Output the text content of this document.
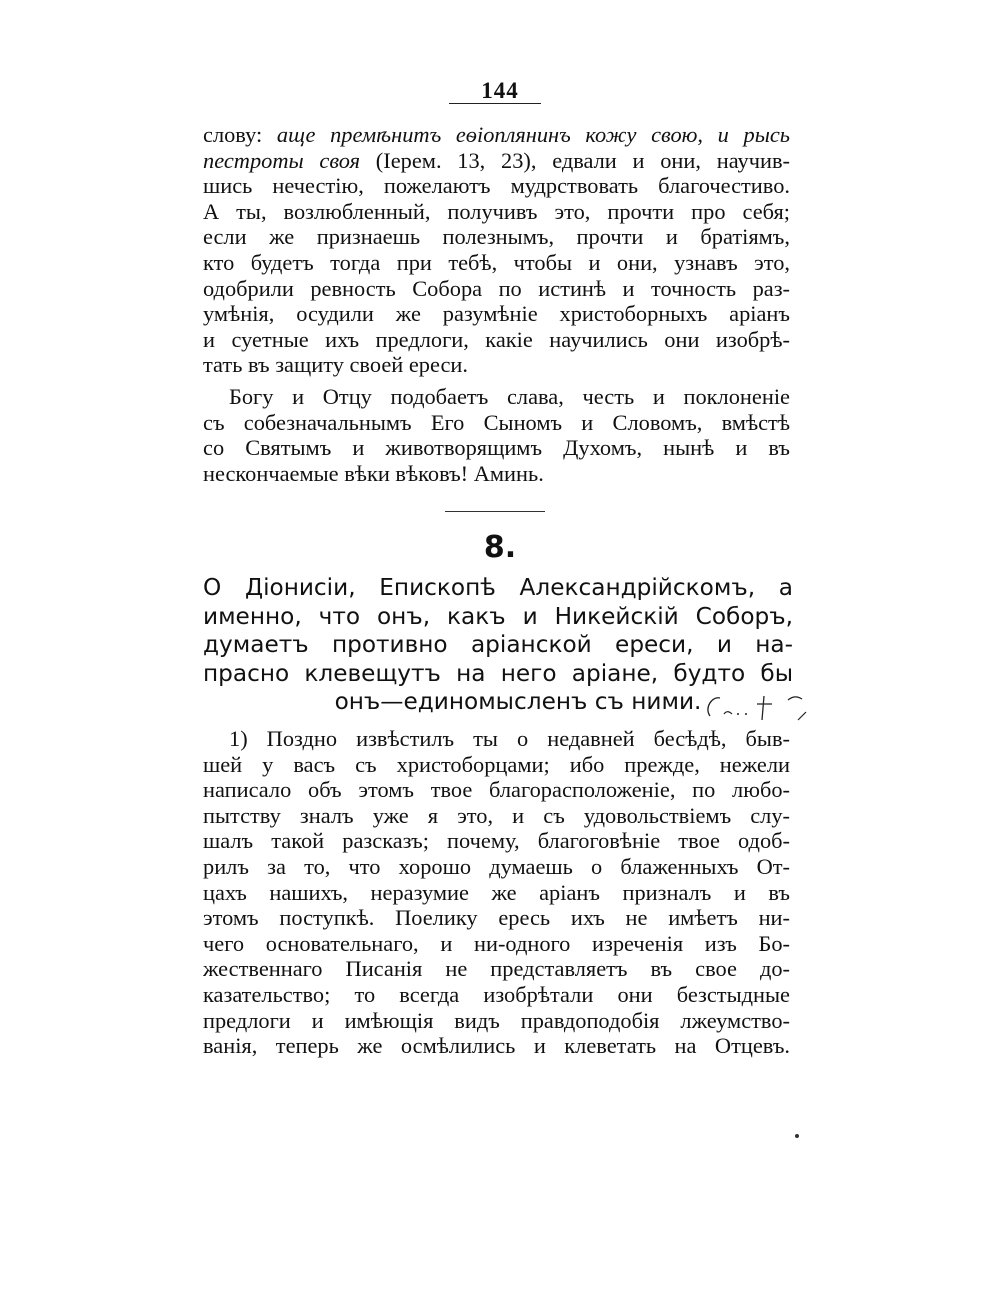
144
слову: аще премѣнитъ еѳіоплянинъ кожу свою, и рысь
пестроты своя (Iерем. 13, 23), едвали и они, научив-
шись нечестію, пожелаютъ мудрствовать благочестиво.
А ты, возлюбленный, получивъ это, прочти про себя;
если же признаешь полезнымъ, прочти и братіямъ,
кто будетъ тогда при тебѣ, чтобы и они, узнавъ это,
одобрили ревность Собора по истинѣ и точность раз-
умѣнія, осудили же разумѣніе христоборныхъ аріанъ
и суетные ихъ предлоги, какіе научились они изобрѣ-
тать въ защиту своей ереси.
Богу и Отцу подобаетъ слава, честь и поклоненіе
съ собезначальнымъ Его Сыномъ и Словомъ, вмѣстѣ
со Святымъ и животворящимъ Духомъ, нынѣ и въ
нескончаемые вѣки вѣковъ! Аминь.
8.
О Діонисіи, Епископѣ Александрійскомъ, а
именно, что онъ, какъ и Никейскій Соборъ,
думаетъ противно аріанской ереси, и на-
прасно клевещутъ на него аріане, будто бы
онъ—единомысленъ съ ними.
1) Поздно извѣстилъ ты о недавней бесѣдѣ, быв-
шей у васъ съ христоборцами; ибо прежде, нежели
написало объ этомъ твое благорасположеніе, по любо-
пытству зналъ уже я это, и съ удовольствіемъ слу-
шалъ такой разсказъ; почему, благоговѣніе твое одоб-
рилъ за то, что хорошо думаешь о блаженныхъ От-
цахъ нашихъ, неразумие же аріанъ призналъ и въ
этомъ поступкѣ. Поелику ересь ихъ не имѣетъ ни-
чего основательнаго, и ни-одного изреченія изъ Бо-
жественнаго Писанія не представляетъ въ свое до-
казательство; то всегда изобрѣтали они безстыдные
предлоги и имѣющія видъ правдоподобія лжеумство-
ванія, теперь же осмѣлились и клеветать на Отцевъ.
